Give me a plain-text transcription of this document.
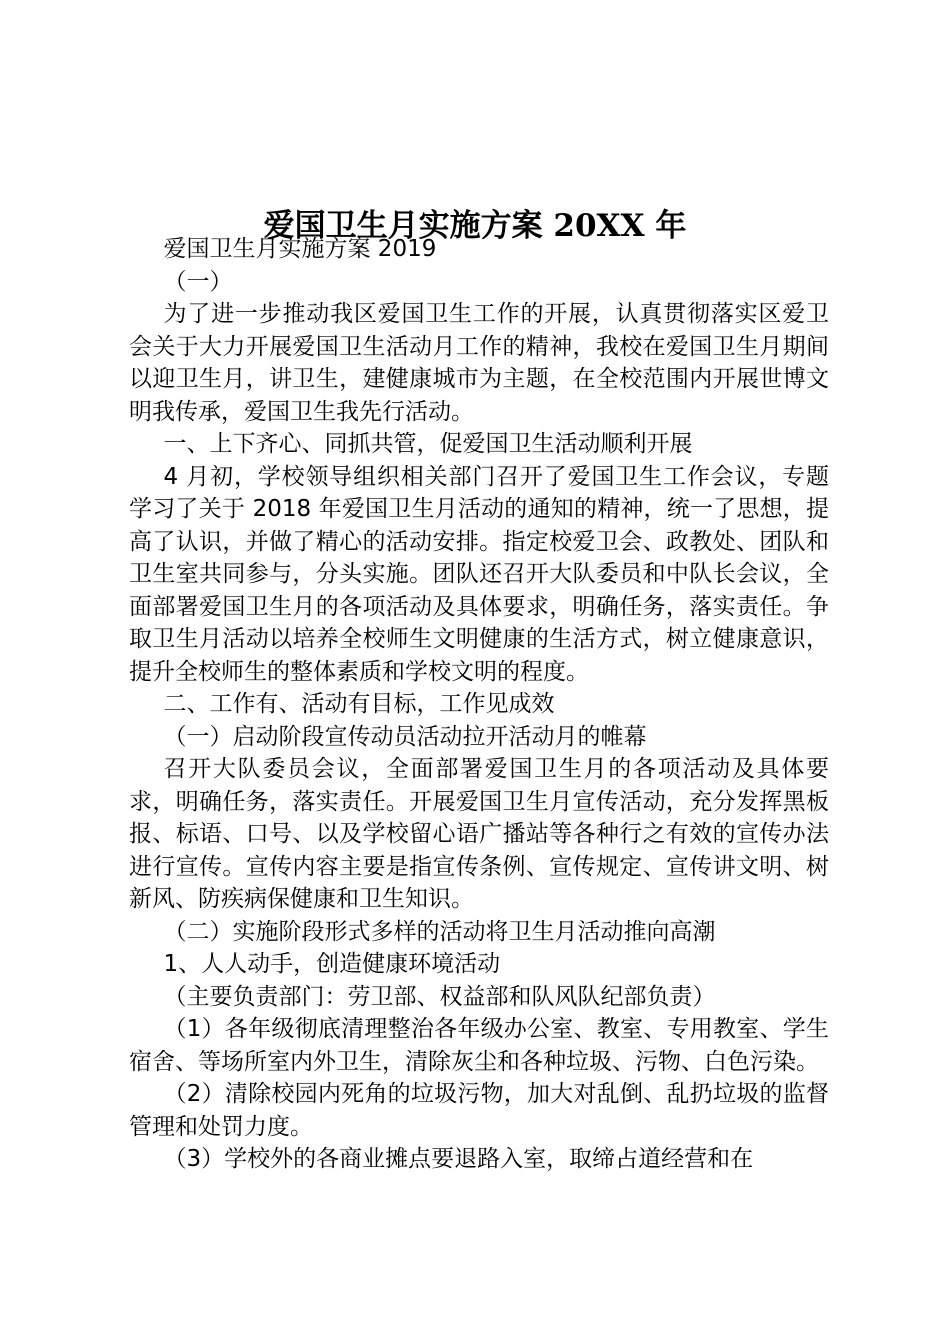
爱国卫生月实施方案 20XX 年

爱国卫生月实施方案 2019

（一）

为了进一步推动我区爱国卫生工作的开展，认真贯彻落实区爱卫会关于大力开展爱国卫生活动月工作的精神，我校在爱国卫生月期间以迎卫生月，讲卫生，建健康城市为主题，在全校范围内开展世博文明我传承，爱国卫生我先行活动。

一、上下齐心、同抓共管，促爱国卫生活动顺利开展

4 月初，学校领导组织相关部门召开了爱国卫生工作会议，专题学习了关于 2018 年爱国卫生月活动的通知的精神，统一了思想，提高了认识，并做了精心的活动安排。指定校爱卫会、政教处、团队和卫生室共同参与，分头实施。团队还召开大队委员和中队长会议，全面部署爱国卫生月的各项活动及具体要求，明确任务，落实责任。争取卫生月活动以培养全校师生文明健康的生活方式，树立健康意识，提升全校师生的整体素质和学校文明的程度。

二、工作有、活动有目标，工作见成效

（一）启动阶段宣传动员活动拉开活动月的帷幕

召开大队委员会议，全面部署爱国卫生月的各项活动及具体要求，明确任务，落实责任。开展爱国卫生月宣传活动，充分发挥黑板报、标语、口号、以及学校留心语广播站等各种行之有效的宣传办法进行宣传。宣传内容主要是指宣传条例、宣传规定、宣传讲文明、树新风、防疾病保健康和卫生知识。

（二）实施阶段形式多样的活动将卫生月活动推向高潮

1、人人动手，创造健康环境活动

（主要负责部门：劳卫部、权益部和队风队纪部负责）

（1）各年级彻底清理整治各年级办公室、教室、专用教室、学生宿舍、等场所室内外卫生，清除灰尘和各种垃圾、污物、白色污染。

（2）清除校园内死角的垃圾污物，加大对乱倒、乱扔垃圾的监督管理和处罚力度。

（3）学校外的各商业摊点要退路入室，取缔占道经营和在
